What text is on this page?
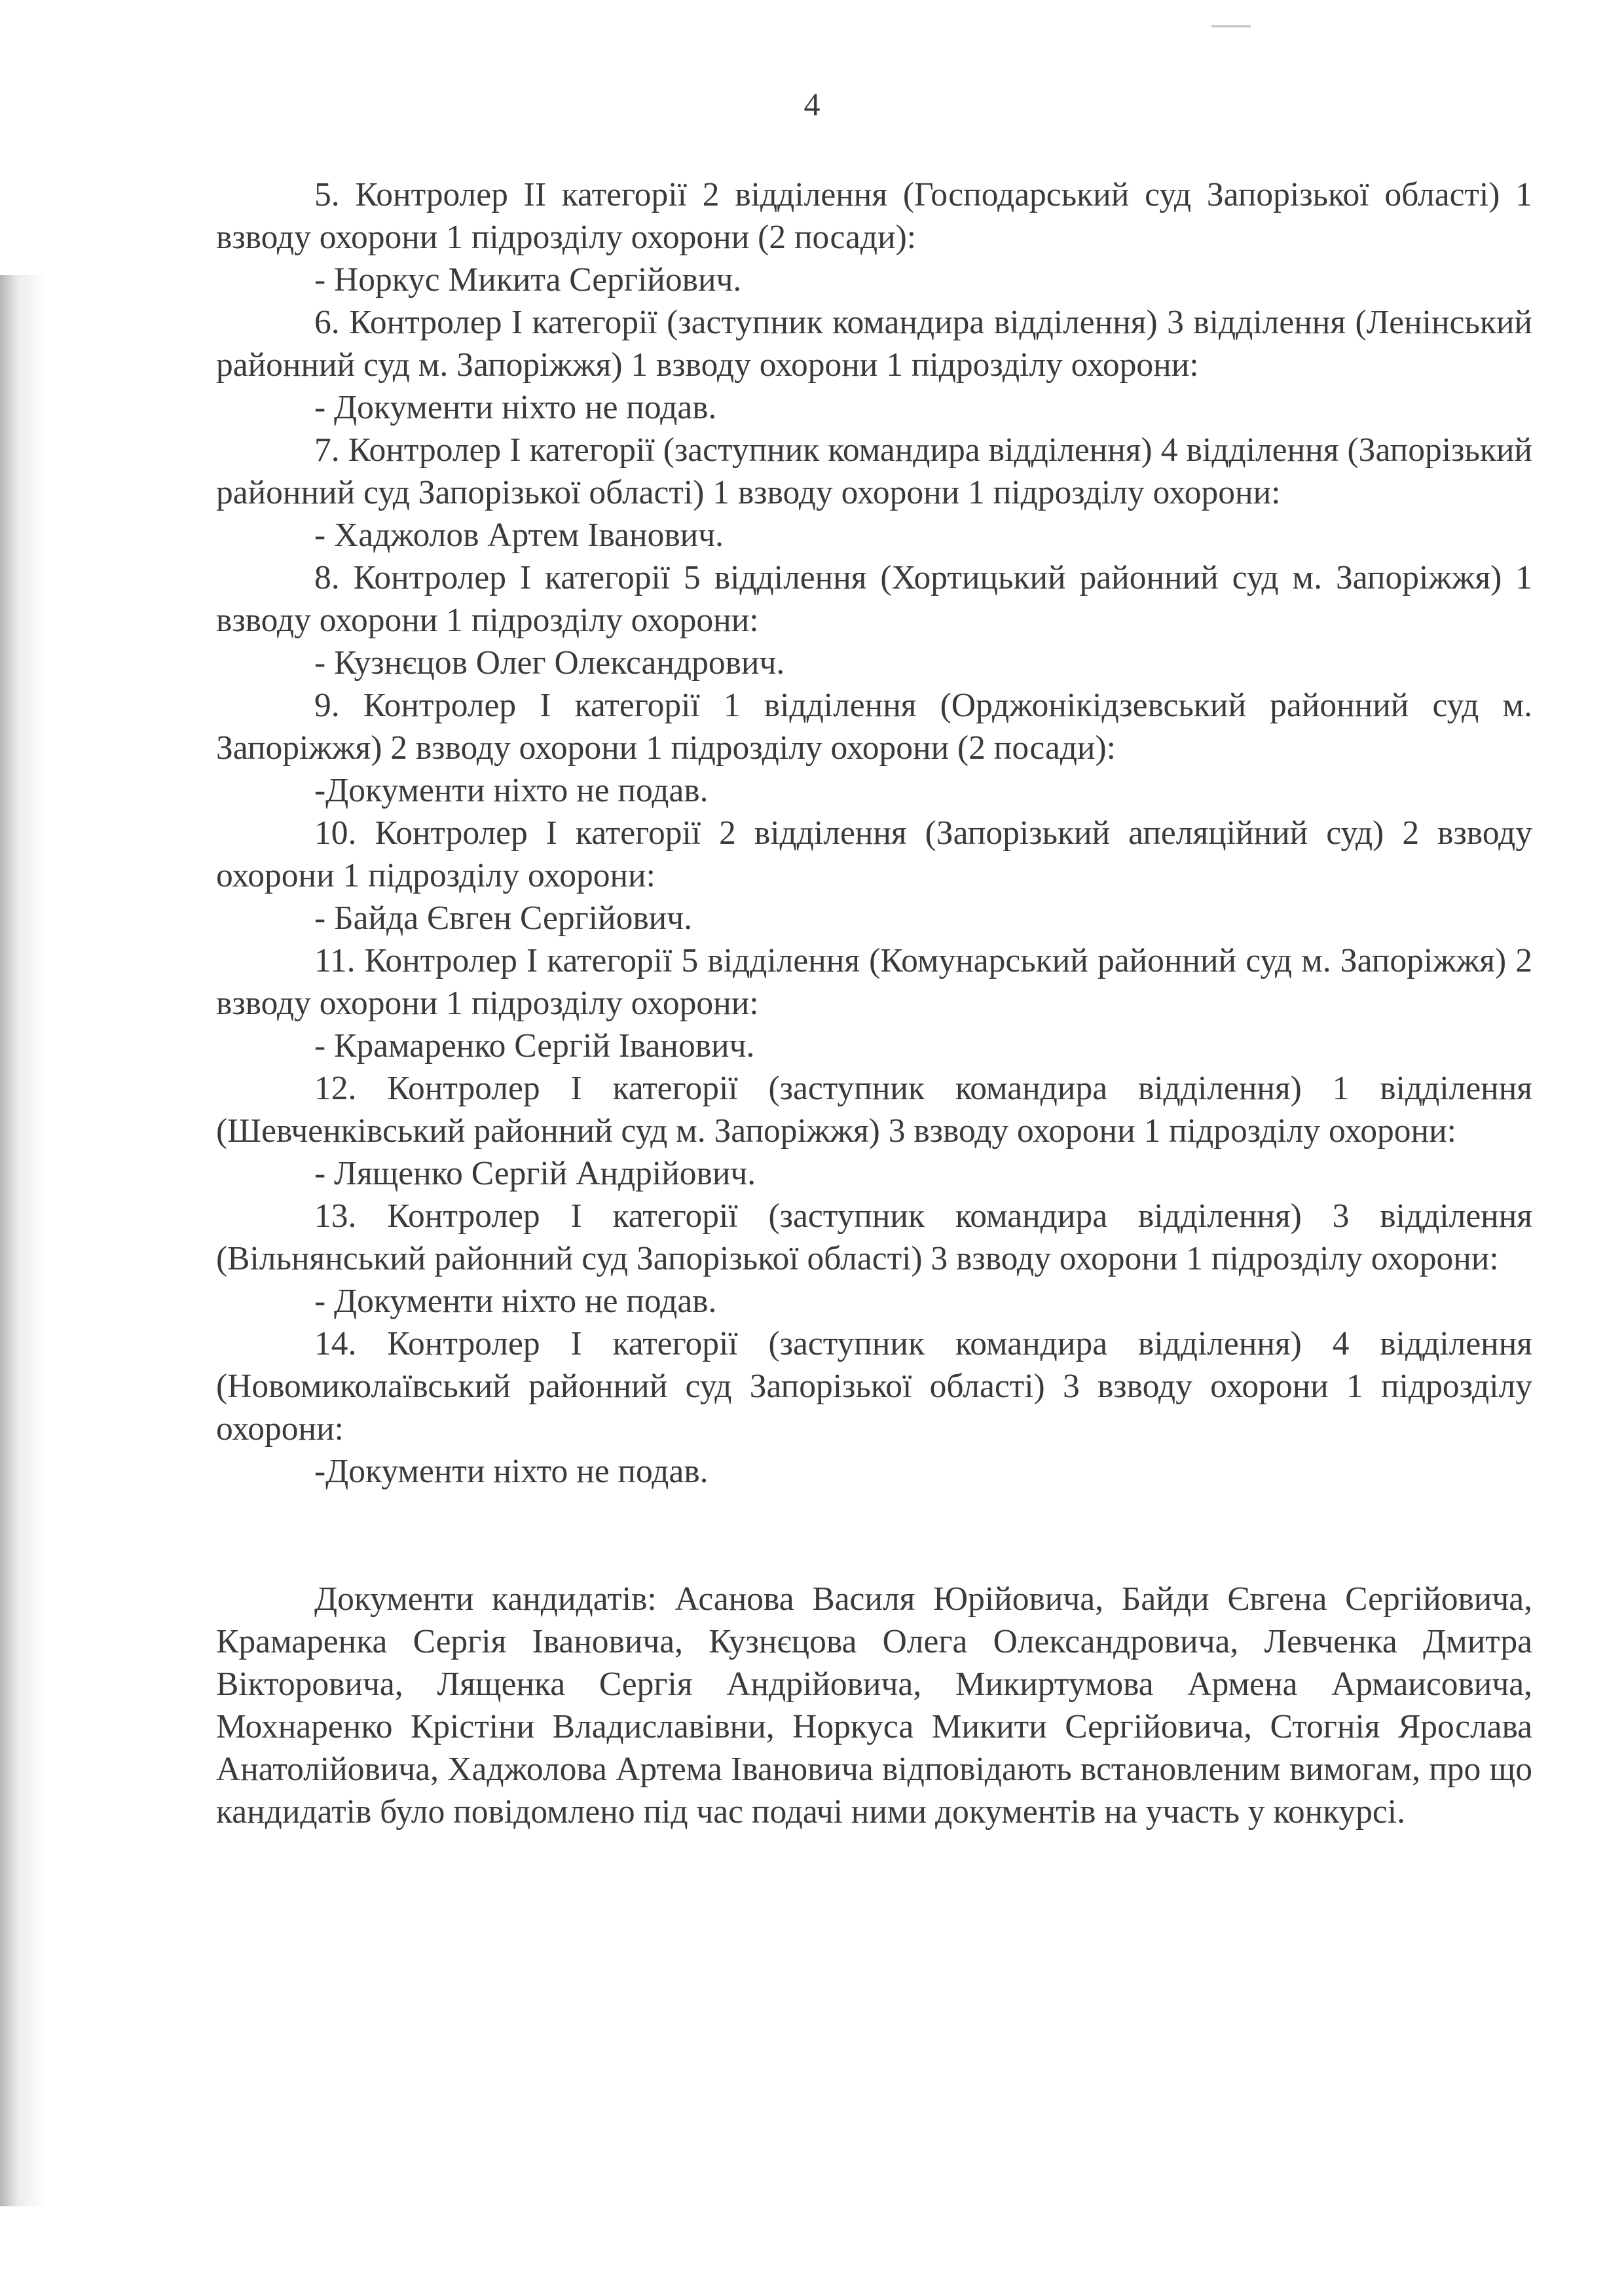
4

5. Контролер ІІ категорії 2 відділення (Господарський суд Запорізької області) 1 взводу охорони 1 підрозділу охорони (2 посади):

- Норкус Микита Сергійович.

6. Контролер І категорії (заступник командира відділення) 3 відділення (Ленінський районний суд м. Запоріжжя) 1 взводу охорони 1 підрозділу охорони:

- Документи ніхто не подав.

7. Контролер І категорії (заступник командира відділення) 4 відділення (Запорізький районний суд Запорізької області) 1 взводу охорони 1 підрозділу охорони:

- Хаджолов Артем Іванович.

8. Контролер І категорії 5 відділення (Хортицький районний суд м. Запоріжжя) 1 взводу охорони 1 підрозділу охорони:

- Кузнєцов Олег Олександрович.

9. Контролер І категорії 1 відділення (Орджонікідзевський районний суд м. Запоріжжя) 2 взводу охорони 1 підрозділу охорони (2 посади):

-Документи ніхто не подав.

10. Контролер І категорії 2 відділення (Запорізький апеляційний суд) 2 взводу охорони 1 підрозділу охорони:

- Байда Євген Сергійович.

11. Контролер І категорії 5 відділення (Комунарський районний суд м. Запоріжжя) 2 взводу охорони 1 підрозділу охорони:

- Крамаренко Сергій Іванович.

12. Контролер І категорії (заступник командира відділення) 1 відділення (Шевченківський районний суд м. Запоріжжя) 3 взводу охорони 1 підрозділу охорони:

- Лященко Сергій Андрійович.

13. Контролер І категорії (заступник командира відділення) 3 відділення (Вільнянський районний суд Запорізької області) 3 взводу охорони 1 підрозділу охорони:

- Документи ніхто не подав.

14. Контролер І категорії (заступник командира відділення) 4 відділення (Новомиколаївський районний суд Запорізької області) 3 взводу охорони 1 підрозділу охорони:

-Документи ніхто не подав.

Документи кандидатів: Асанова Василя Юрійовича, Байди Євгена Сергійовича, Крамаренка Сергія Івановича, Кузнєцова Олега Олександровича, Левченка Дмитра Вікторовича, Лященка Сергія Андрійовича, Микиртумова Армена Армаисовича, Мохнаренко Крістіни Владиславівни, Норкуса Микити Сергійовича, Стогнія Ярослава Анатолійовича, Хаджолова Артема Івановича відповідають встановленим вимогам, про що кандидатів було повідомлено під час подачі ними документів на участь у конкурсі.
